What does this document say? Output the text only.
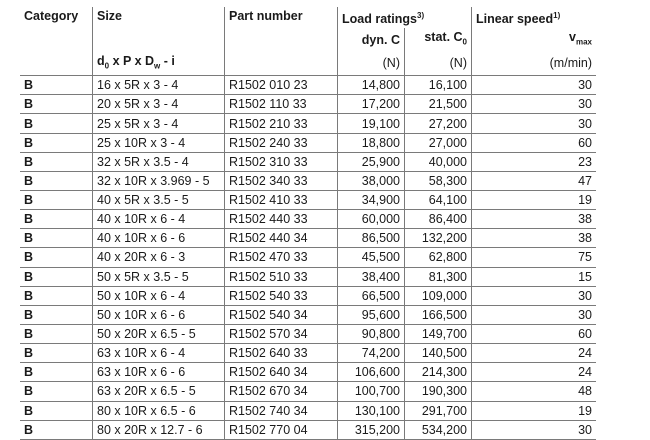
Category	Size	Part number	Load ratings$^{3)}$		Linear speed$^{1)}$
			dyn. C	stat. $C_0$	$v_{max}$
	$d_0$ x P x $D_w$ - i		(N)	(N)	(m/min)
B	16 x 5R x 3 - 4	R1502 010 23	14,800	16,100	30
B	20 x 5R x 3 - 4	R1502 110 33	17,200	21,500	30
B	25 x 5R x 3 - 4	R1502 210 33	19,100	27,200	30
B	25 x 10R x 3 - 4	R1502 240 33	18,800	27,000	60
B	32 x 5R x 3.5 - 4	R1502 310 33	25,900	40,000	23
B	32 x 10R x 3.969 - 5	R1502 340 33	38,000	58,300	47
B	40 x 5R x 3.5 - 5	R1502 410 33	34,900	64,100	19
B	40 x 10R x 6 - 4	R1502 440 33	60,000	86,400	38
B	40 x 10R x 6 - 6	R1502 440 34	86,500	132,200	38
B	40 x 20R x 6 - 3	R1502 470 33	45,500	62,800	75
B	50 x 5R x 3.5 - 5	R1502 510 33	38,400	81,300	15
B	50 x 10R x 6 - 4	R1502 540 33	66,500	109,000	30
B	50 x 10R x 6 - 6	R1502 540 34	95,600	166,500	30
B	50 x 20R x 6.5 - 5	R1502 570 34	90,800	149,700	60
B	63 x 10R x 6 - 4	R1502 640 33	74,200	140,500	24
B	63 x 10R x 6 - 6	R1502 640 34	106,600	214,300	24
B	63 x 20R x 6.5 - 5	R1502 670 34	100,700	190,300	48
B	80 x 10R x 6.5 - 6	R1502 740 34	130,100	291,700	19
B	80 x 20R x 12.7 - 6	R1502 770 04	315,200	534,200	30
